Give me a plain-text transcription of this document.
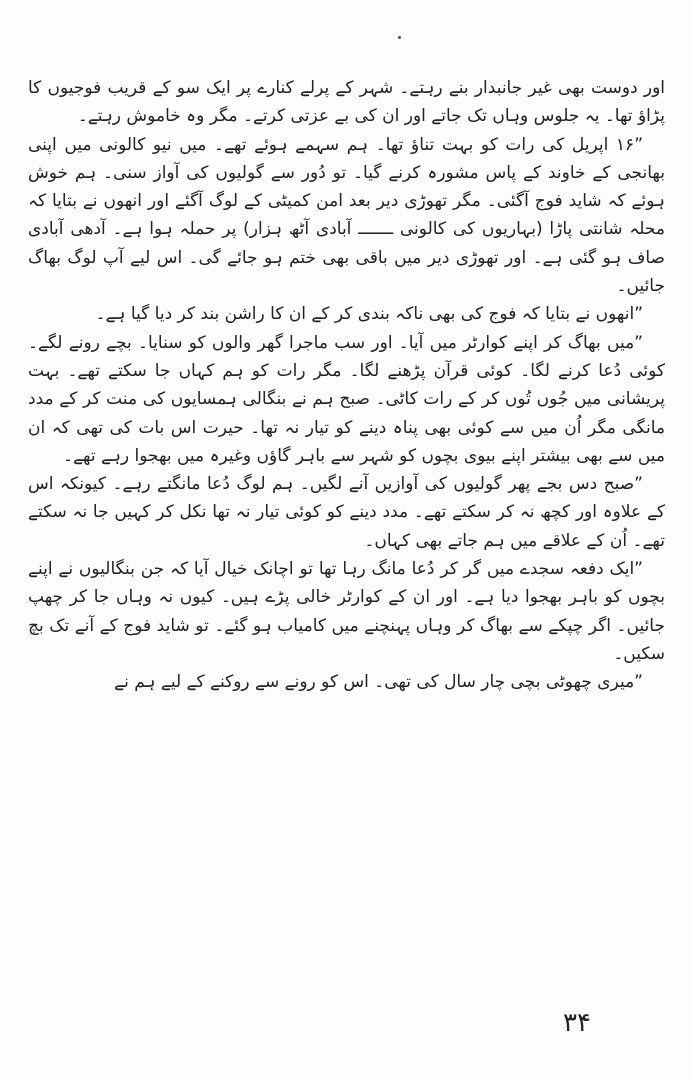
اور دوست بھی غیر جانبدار بنے رہتے۔ شہر کے پرلے کنارے پر ایک سو کے قریب فوجیوں کا پڑاؤ تھا۔ یہ جلوس وہاں تک جاتے اور ان کی بے عزتی کرتے۔ مگر وہ خاموش رہتے۔

”۱۶ اپریل کی رات کو بہت تناؤ تھا۔ ہم سہمے ہوئے تھے۔ میں نیو کالونی میں اپنی بھانجی کے خاوند کے پاس مشورہ کرنے گیا۔ تو دُور سے گولیوں کی آواز سنی۔ ہم خوش ہوئے کہ شاید فوج آگئی۔ مگر تھوڑی دیر بعد امن کمیٹی کے لوگ آگئے اور انھوں نے بتایا کہ محلہ شانتی پاڑا (بہاریوں کی کالونی ـــــــ آبادی آٹھ ہزار) پر حملہ ہوا ہے۔ آدھی آبادی صاف ہو گئی ہے۔ اور تھوڑی دیر میں باقی بھی ختم ہو جائے گی۔ اس لیے آپ لوگ بھاگ جائیں۔

”انھوں نے بتایا کہ فوج کی بھی ناکہ بندی کر کے ان کا راشن بند کر دیا گیا ہے۔

”میں بھاگ کر اپنے کوارٹر میں آیا۔ اور سب ماجرا گھر والوں کو سنایا۔ بچے رونے لگے۔ کوئی دُعا کرنے لگا۔ کوئی قرآن پڑھنے لگا۔ مگر رات کو ہم کہاں جا سکتے تھے۔ بہت پریشانی میں جُوں تُوں کر کے رات کاٹی۔ صبح ہم نے بنگالی ہمسایوں کی منت کر کے مدد مانگی مگر اُن میں سے کوئی بھی پناہ دینے کو تیار نہ تھا۔ حیرت اس بات کی تھی کہ ان میں سے بھی بیشتر اپنے بیوی بچوں کو شہر سے باہر گاؤں وغیرہ میں بھجوا رہے تھے۔

”صبح دس بجے پھر گولیوں کی آوازیں آنے لگیں۔ ہم لوگ دُعا مانگتے رہے۔ کیونکہ اس کے علاوہ اور کچھ نہ کر سکتے تھے۔ مدد دینے کو کوئی تیار نہ تھا نکل کر کہیں جا نہ سکتے تھے۔ اُن کے علاقے میں ہم جاتے بھی کہاں۔

”ایک دفعہ سجدے میں گر کر دُعا مانگ رہا تھا تو اچانک خیال آیا کہ جن بنگالیوں نے اپنے بچوں کو باہر بھجوا دیا ہے۔ اور ان کے کوارٹر خالی پڑے ہیں۔ کیوں نہ وہاں جا کر چھپ جائیں۔ اگر چپکے سے بھاگ کر وہاں پہنچنے میں کامیاب ہو گئے۔ تو شاید فوج کے آنے تک بچ سکیں۔

”میری چھوٹی بچی چار سال کی تھی۔ اس کو رونے سے روکنے کے لیے ہم نے

۳۴
